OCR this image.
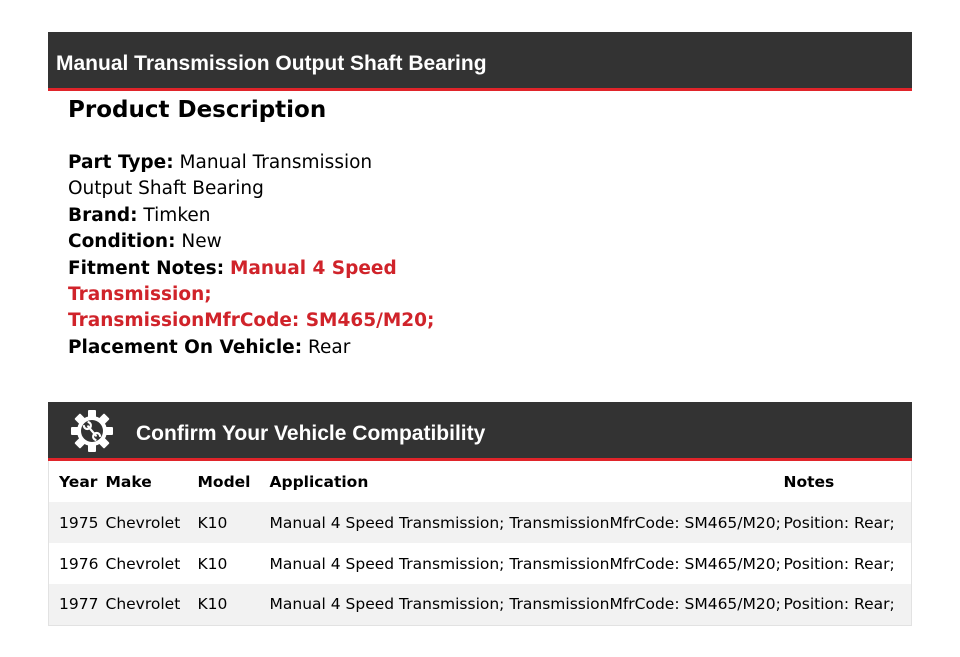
Manual Transmission Output Shaft Bearing
Product Description
Part Type: Manual Transmission Output Shaft Bearing
Brand: Timken
Condition: New
Fitment Notes: Manual 4 Speed Transmission; TransmissionMfrCode: SM465/M20;
Placement On Vehicle: Rear
Confirm Your Vehicle Compatibility
Year	Make	Model	Application	Notes
1975	Chevrolet	K10	Manual 4 Speed Transmission; TransmissionMfrCode: SM465/M20;	Position: Rear;
1976	Chevrolet	K10	Manual 4 Speed Transmission; TransmissionMfrCode: SM465/M20;	Position: Rear;
1977	Chevrolet	K10	Manual 4 Speed Transmission; TransmissionMfrCode: SM465/M20;	Position: Rear;
